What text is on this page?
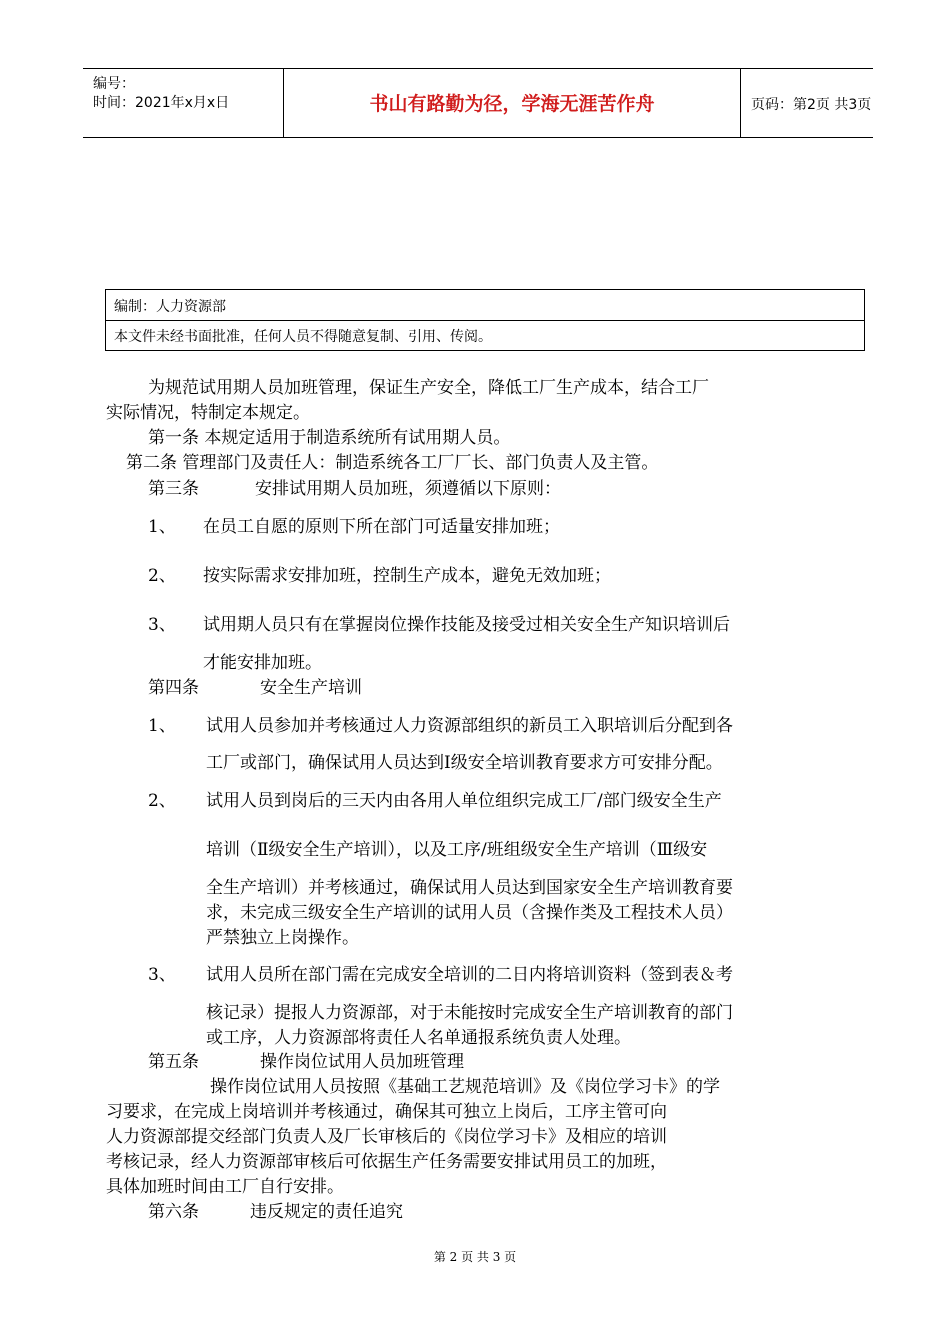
编号：
时间：2021年x月x日	书山有路勤为径，学海无涯苦作舟	页码：第2页 共3页
编制：人力资源部
本文件未经书面批准，任何人员不得随意复制、引用、传阅。
为规范试用期人员加班管理，保证生产安全，降低工厂生产成本，结合工厂
实际情况，特制定本规定。
第一条 本规定适用于制造系统所有试用期人员。
第二条 管理部门及责任人：制造系统各工厂厂长、部门负责人及主管。
第三条	安排试用期人员加班，须遵循以下原则：
1、 在员工自愿的原则下所在部门可适量安排加班；
2、 按实际需求安排加班，控制生产成本，避免无效加班；
3、 试用期人员只有在掌握岗位操作技能及接受过相关安全生产知识培训后
才能安排加班。
第四条	安全生产培训
1、 试用人员参加并考核通过人力资源部组织的新员工入职培训后分配到各
工厂或部门，确保试用人员达到Ⅰ级安全培训教育要求方可安排分配。
2、 试用人员到岗后的三天内由各用人单位组织完成工厂/部门级安全生产
培训（Ⅱ级安全生产培训），以及工序/班组级安全生产培训（Ⅲ级安
全生产培训）并考核通过，确保试用人员达到国家安全生产培训教育要
求，未完成三级安全生产培训的试用人员（含操作类及工程技术人员）
严禁独立上岗操作。
3、 试用人员所在部门需在完成安全培训的二日内将培训资料（签到表＆考
核记录）提报人力资源部，对于未能按时完成安全生产培训教育的部门
或工序，人力资源部将责任人名单通报系统负责人处理。
第五条	操作岗位试用人员加班管理
操作岗位试用人员按照《基础工艺规范培训》及《岗位学习卡》的学
习要求，在完成上岗培训并考核通过，确保其可独立上岗后，工序主管可向
人力资源部提交经部门负责人及厂长审核后的《岗位学习卡》及相应的培训
考核记录，经人力资源部审核后可依据生产任务需要安排试用员工的加班，
具体加班时间由工厂自行安排。
第六条	违反规定的责任追究
第 2 页 共 3 页
